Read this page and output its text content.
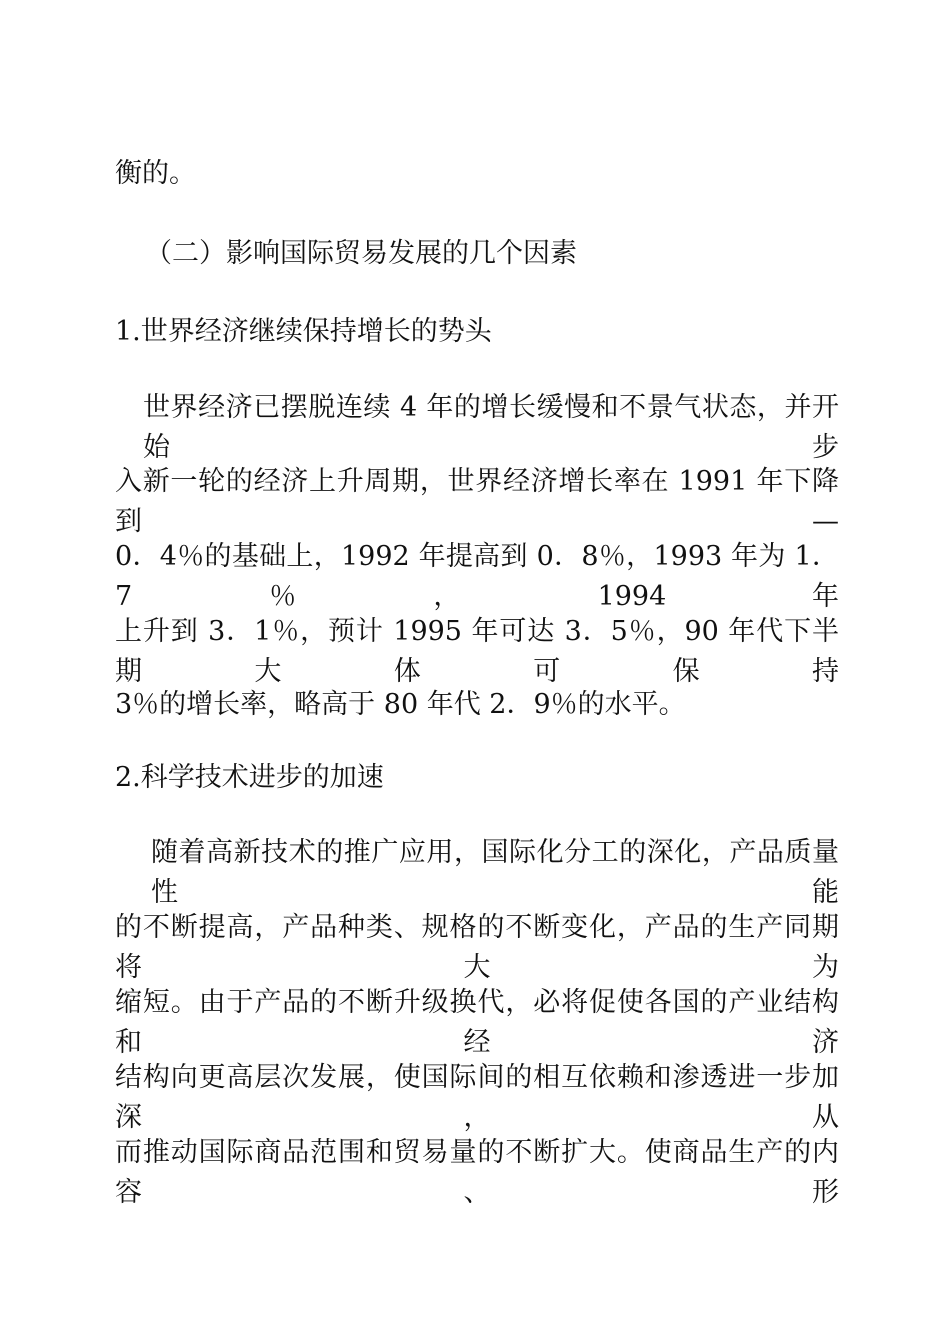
衡的。
（二）影响国际贸易发展的几个因素
1.世界经济继续保持增长的势头
世界经济已摆脱连续 4 年的增长缓慢和不景气状态，并开始步
入新一轮的经济上升周期，世界经济增长率在 1991 年下降到—
0．4％的基础上，1992 年提高到 0．8％，1993 年为 1．7％，1994 年
上升到 3．1％，预计 1995 年可达 3．5％，90 年代下半期大体可保持
3％的增长率，略高于 80 年代 2．9％的水平。
2.科学技术进步的加速
随着高新技术的推广应用，国际化分工的深化，产品质量性能
的不断提高，产品种类、规格的不断变化，产品的生产同期将大为
缩短。由于产品的不断升级换代，必将促使各国的产业结构和经济
结构向更高层次发展，使国际间的相互依赖和渗透进一步加深，从
而推动国际商品范围和贸易量的不断扩大。使商品生产的内容、形
